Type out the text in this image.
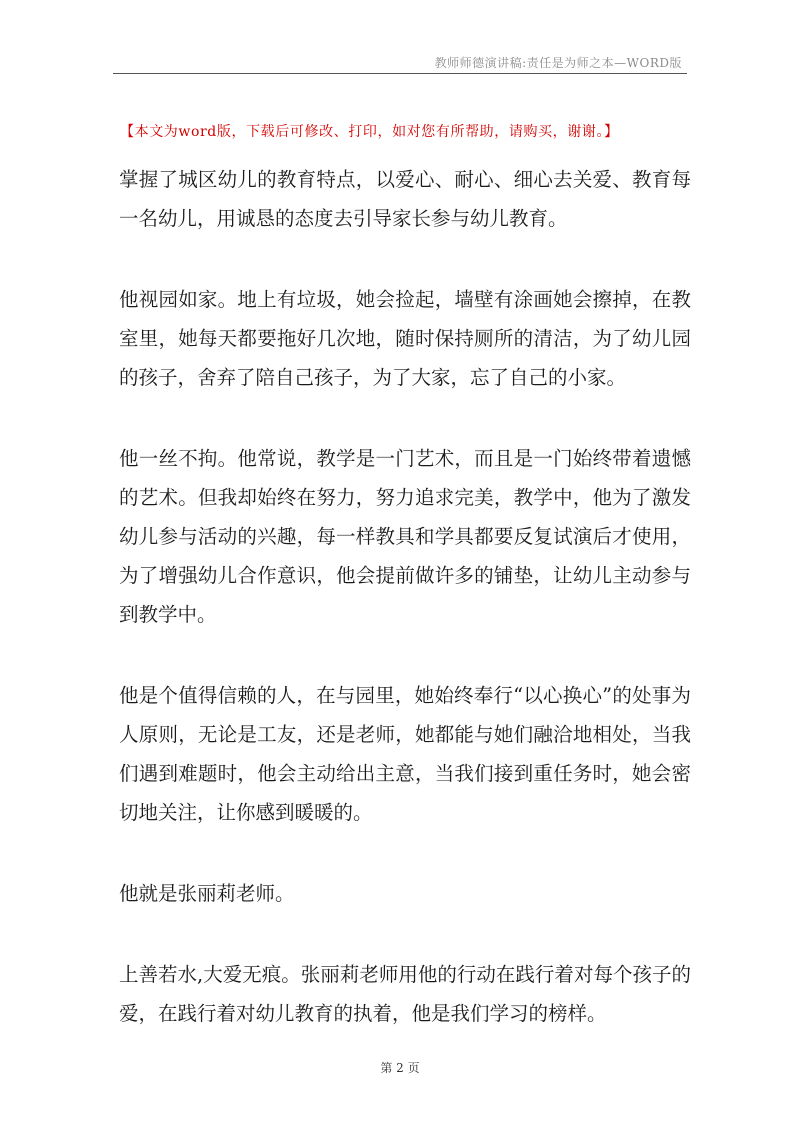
教师师德演讲稿:责任是为师之本—WORD版
【本文为word版，下载后可修改、打印，如对您有所帮助，请购买，谢谢。】

掌握了城区幼儿的教育特点，以爱心、耐心、细心去关爱、教育每一名幼儿，用诚恳的态度去引导家长参与幼儿教育。

他视园如家。地上有垃圾，她会捡起，墙壁有涂画她会擦掉，在教室里，她每天都要拖好几次地，随时保持厕所的清洁，为了幼儿园的孩子，舍弃了陪自己孩子，为了大家，忘了自己的小家。

他一丝不拘。他常说，教学是一门艺术，而且是一门始终带着遗憾的艺术。但我却始终在努力，努力追求完美，教学中，他为了激发幼儿参与活动的兴趣，每一样教具和学具都要反复试演后才使用，为了增强幼儿合作意识，他会提前做许多的铺垫，让幼儿主动参与到教学中。

他是个值得信赖的人，在与园里，她始终奉行“以心换心”的处事为人原则，无论是工友，还是老师，她都能与她们融洽地相处，当我们遇到难题时，他会主动给出主意，当我们接到重任务时，她会密切地关注，让你感到暖暖的。

他就是张丽莉老师。

上善若水,大爱无痕。张丽莉老师用他的行动在践行着对每个孩子的爱，在践行着对幼儿教育的执着，他是我们学习的榜样。

第 2 页
